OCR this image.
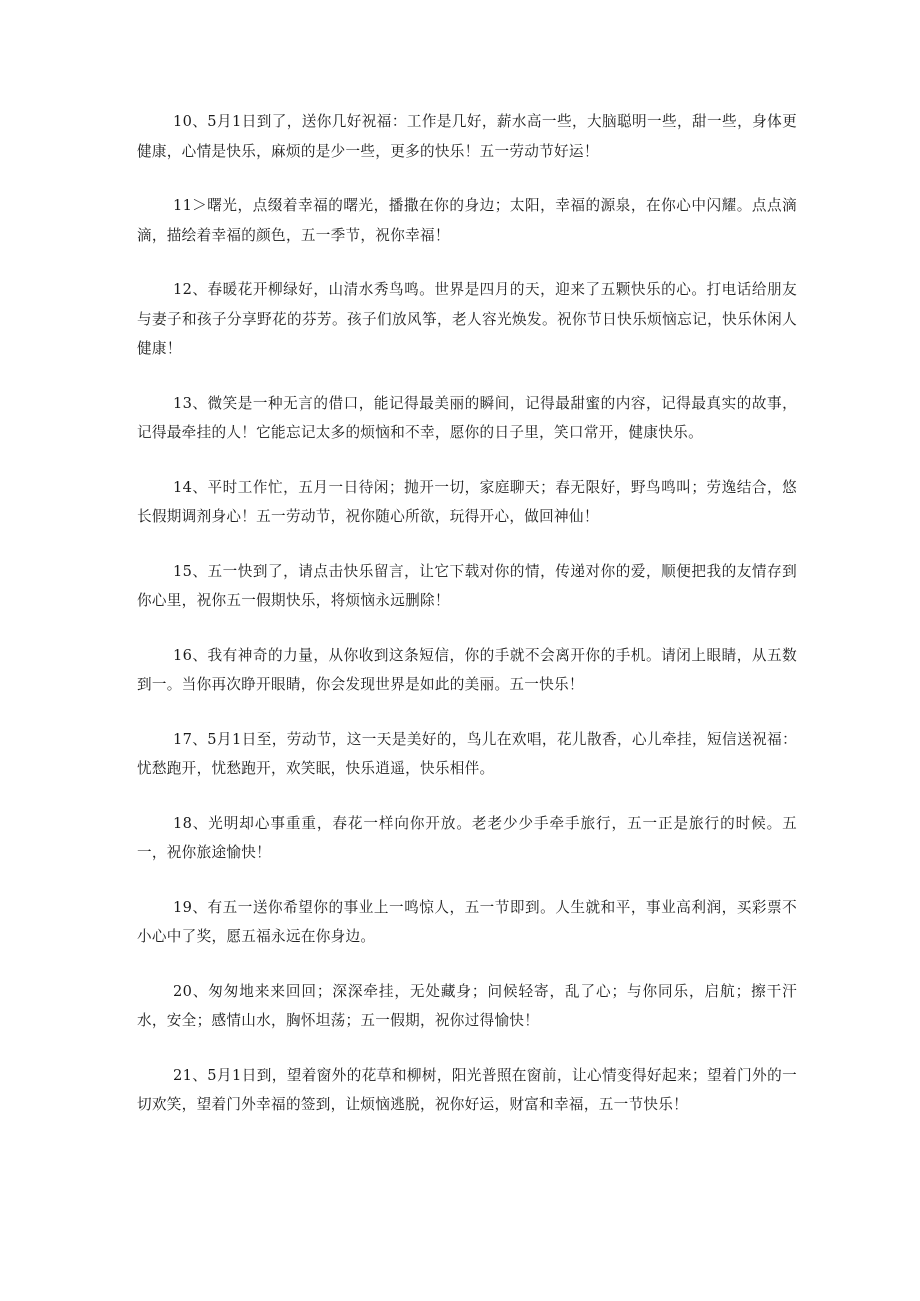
10、5月1日到了，送你几好祝福：工作是几好，薪水高一些，大脑聪明一些，甜一些，身体更健康，心情是快乐，麻烦的是少一些，更多的快乐！五一劳动节好运！

11＞曙光，点缀着幸福的曙光，播撒在你的身边；太阳，幸福的源泉，在你心中闪耀。点点滴滴，描绘着幸福的颜色，五一季节，祝你幸福！

12、春暖花开柳绿好，山清水秀鸟鸣。世界是四月的天，迎来了五颗快乐的心。打电话给朋友与妻子和孩子分享野花的芬芳。孩子们放风筝，老人容光焕发。祝你节日快乐烦恼忘记，快乐休闲人健康！

13、微笑是一种无言的借口，能记得最美丽的瞬间，记得最甜蜜的内容，记得最真实的故事，记得最牵挂的人！它能忘记太多的烦恼和不幸，愿你的日子里，笑口常开，健康快乐。

14、平时工作忙，五月一日待闲；抛开一切，家庭聊天；春无限好，野鸟鸣叫；劳逸结合，悠长假期调剂身心！五一劳动节，祝你随心所欲，玩得开心，做回神仙！

15、五一快到了，请点击快乐留言，让它下载对你的情，传递对你的爱，顺便把我的友情存到你心里，祝你五一假期快乐，将烦恼永远删除！

16、我有神奇的力量，从你收到这条短信，你的手就不会离开你的手机。请闭上眼睛，从五数到一。当你再次睁开眼睛，你会发现世界是如此的美丽。五一快乐！

17、5月1日至，劳动节，这一天是美好的，鸟儿在欢唱，花儿散香，心儿牵挂，短信送祝福：忧愁跑开，忧愁跑开，欢笑眠，快乐逍遥，快乐相伴。

18、光明却心事重重，春花一样向你开放。老老少少手牵手旅行，五一正是旅行的时候。五一，祝你旅途愉快！

19、有五一送你希望你的事业上一鸣惊人，五一节即到。人生就和平，事业高利润，买彩票不小心中了奖，愿五福永远在你身边。

20、匆匆地来来回回；深深牵挂，无处藏身；问候轻寄，乱了心；与你同乐，启航；擦干汗水，安全；感情山水，胸怀坦荡；五一假期，祝你过得愉快！

21、5月1日到，望着窗外的花草和柳树，阳光普照在窗前，让心情变得好起来；望着门外的一切欢笑，望着门外幸福的签到，让烦恼逃脱，祝你好运，财富和幸福，五一节快乐！
